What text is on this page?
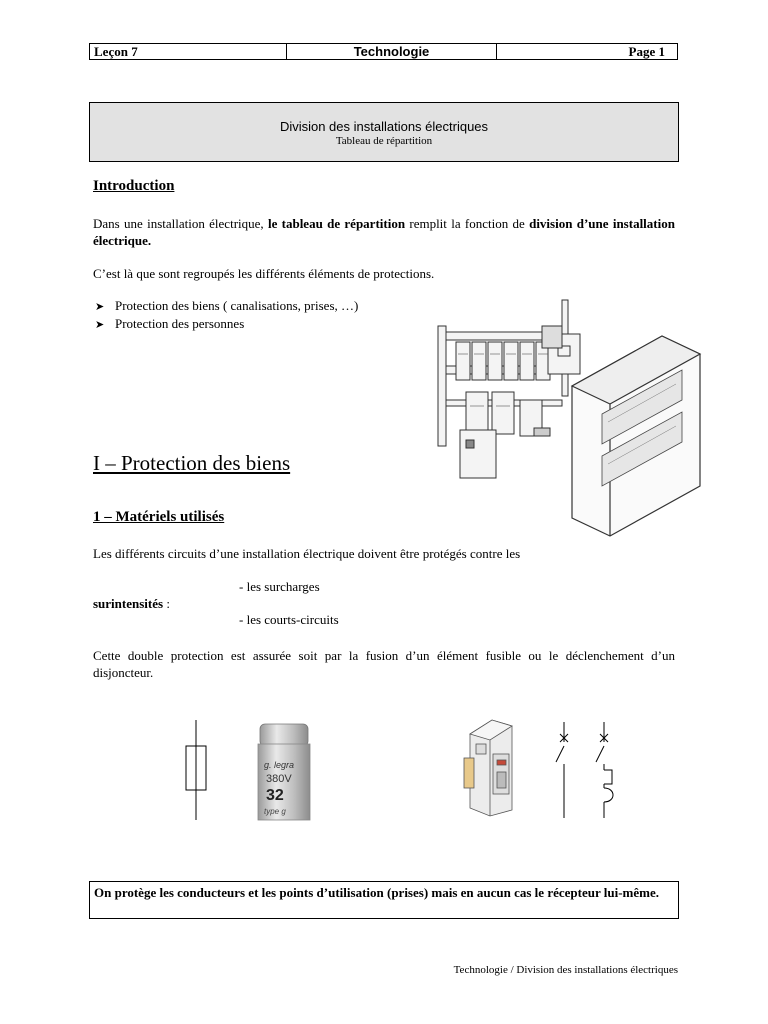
Leçon 7	Technologie	Page 1
Division des installations électriques
Tableau de répartition
Introduction
Dans une installation électrique, le tableau de répartition remplit la fonction de division d’une installation électrique.
C’est là que sont regroupés les différents éléments de protections.
➤ Protection des biens ( canalisations, prises, …)
➤ Protection des personnes
I – Protection des biens
1 – Matériels utilisés
Les différents circuits d’une installation électrique doivent être protégés contre les
- les surcharges
surintensités :
- les courts-circuits
Cette double protection est assurée soit par la fusion d’un élément fusible ou le déclenchement d’un disjoncteur.
g. legra
380V
32
type g
On protège les conducteurs et les points d’utilisation (prises) mais en aucun cas le récepteur lui-même.
Technologie / Division des installations électriques
